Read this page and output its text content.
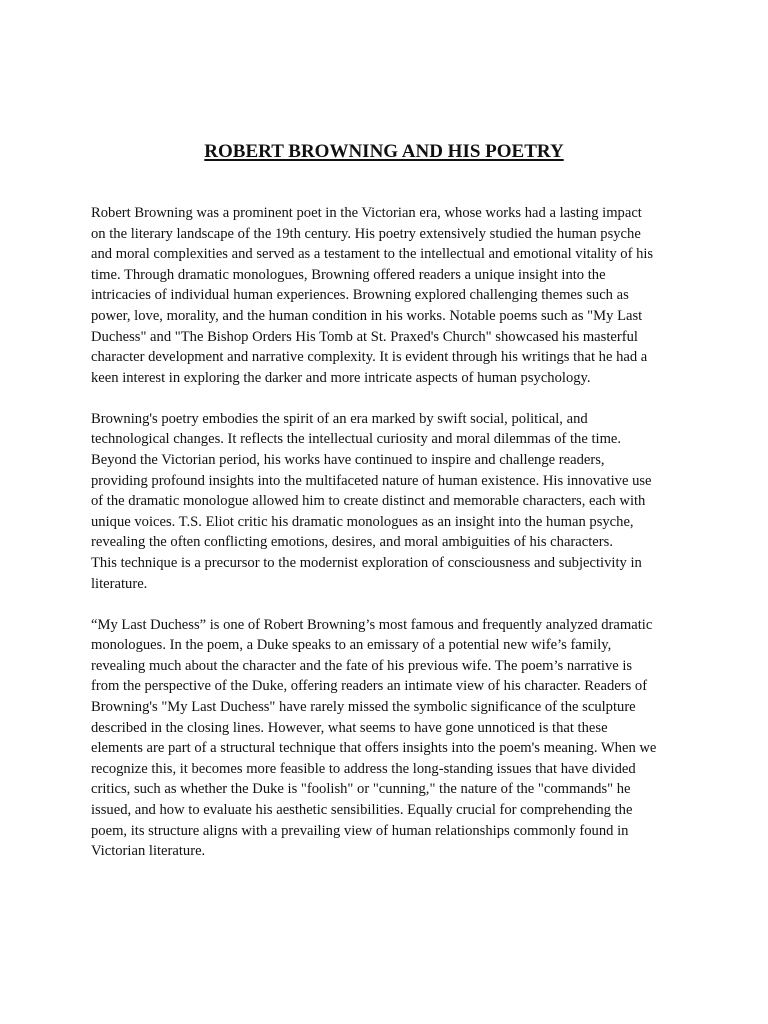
ROBERT BROWNING AND HIS POETRY

Robert Browning was a prominent poet in the Victorian era, whose works had a lasting impact
on the literary landscape of the 19th century. His poetry extensively studied the human psyche
and moral complexities and served as a testament to the intellectual and emotional vitality of his
time. Through dramatic monologues, Browning offered readers a unique insight into the
intricacies of individual human experiences. Browning explored challenging themes such as
power, love, morality, and the human condition in his works. Notable poems such as "My Last
Duchess" and "The Bishop Orders His Tomb at St. Praxed's Church" showcased his masterful
character development and narrative complexity. It is evident through his writings that he had a
keen interest in exploring the darker and more intricate aspects of human psychology.

Browning's poetry embodies the spirit of an era marked by swift social, political, and
technological changes. It reflects the intellectual curiosity and moral dilemmas of the time.
Beyond the Victorian period, his works have continued to inspire and challenge readers,
providing profound insights into the multifaceted nature of human existence. His innovative use
of the dramatic monologue allowed him to create distinct and memorable characters, each with
unique voices. T.S. Eliot critic his dramatic monologues as an insight into the human psyche,
revealing the often conflicting emotions, desires, and moral ambiguities of his characters.
This technique is a precursor to the modernist exploration of consciousness and subjectivity in
literature.

“My Last Duchess” is one of Robert Browning’s most famous and frequently analyzed dramatic
monologues. In the poem, a Duke speaks to an emissary of a potential new wife’s family,
revealing much about the character and the fate of his previous wife. The poem’s narrative is
from the perspective of the Duke, offering readers an intimate view of his character. Readers of
Browning's "My Last Duchess" have rarely missed the symbolic significance of the sculpture
described in the closing lines. However, what seems to have gone unnoticed is that these
elements are part of a structural technique that offers insights into the poem's meaning. When we
recognize this, it becomes more feasible to address the long-standing issues that have divided
critics, such as whether the Duke is "foolish" or "cunning," the nature of the "commands" he
issued, and how to evaluate his aesthetic sensibilities. Equally crucial for comprehending the
poem, its structure aligns with a prevailing view of human relationships commonly found in
Victorian literature.
